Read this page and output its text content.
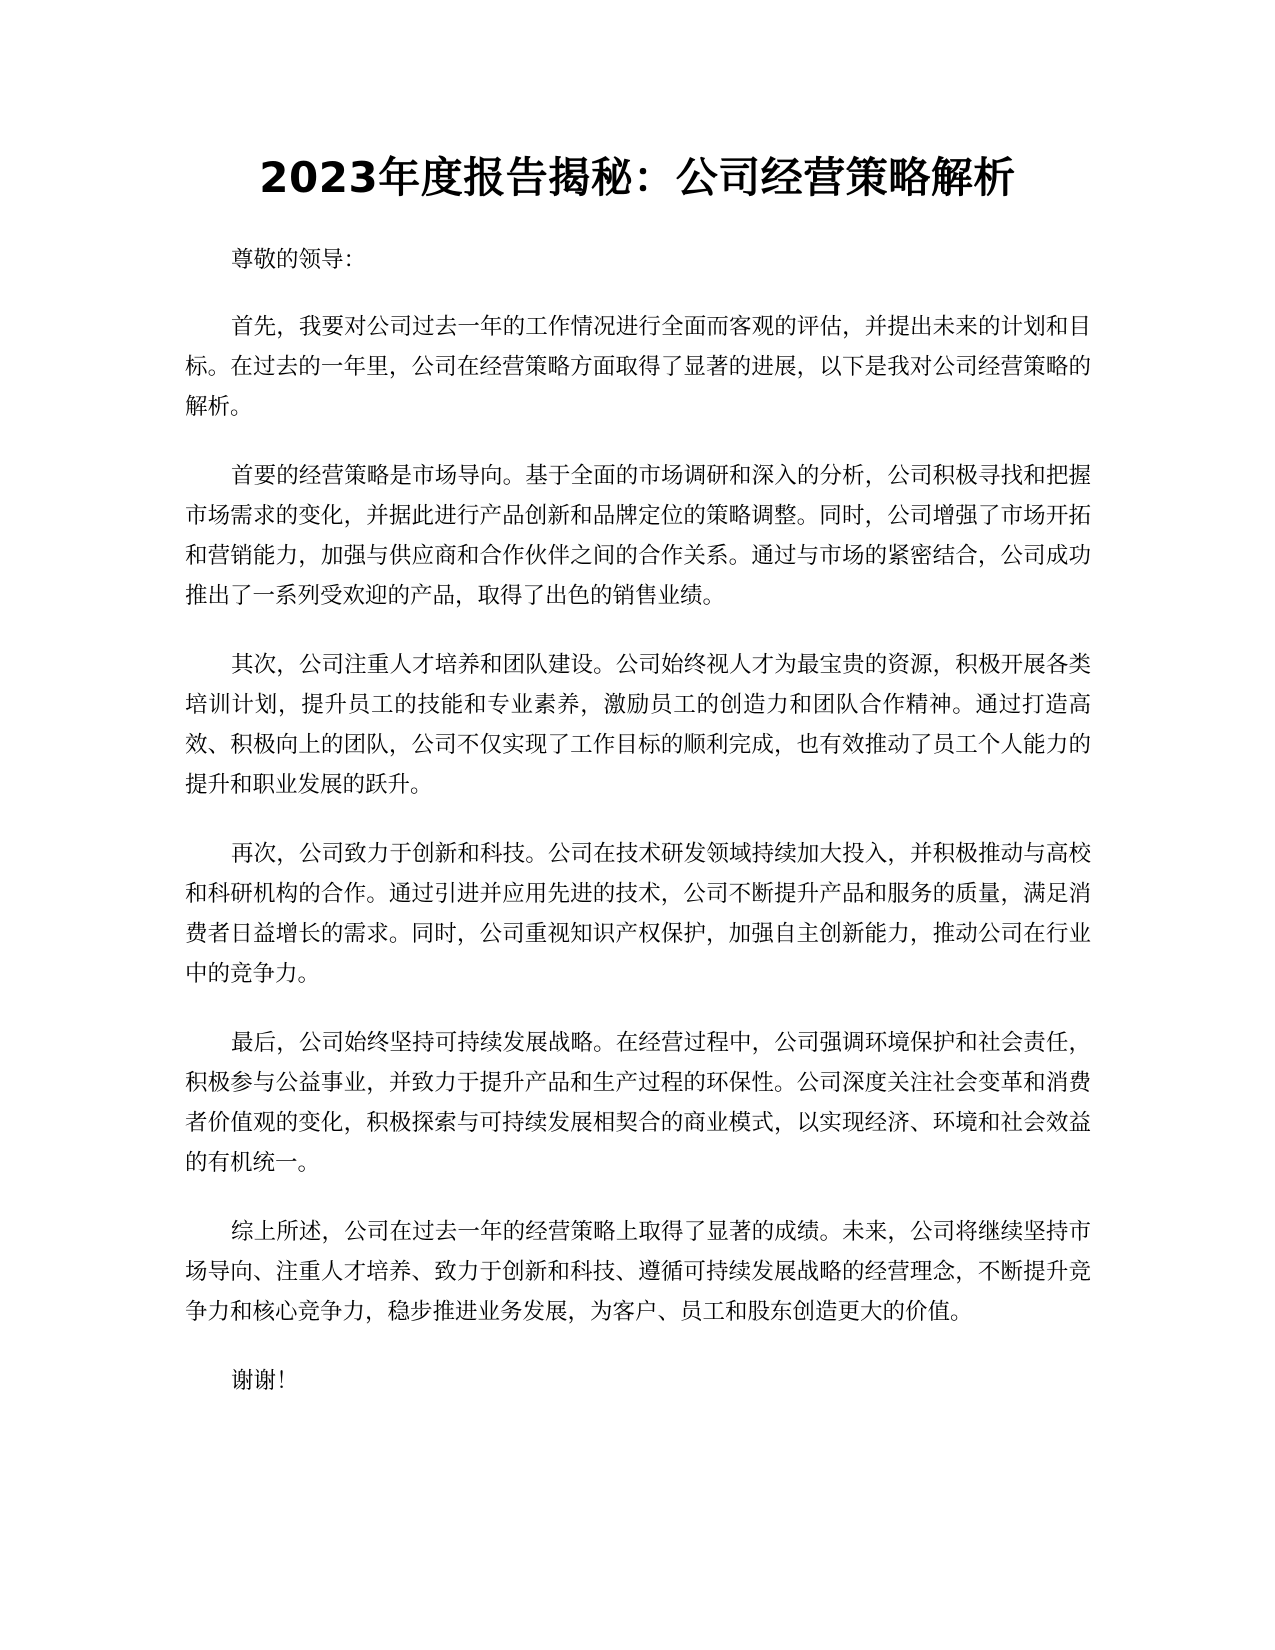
2023年度报告揭秘：公司经营策略解析

尊敬的领导：

首先，我要对公司过去一年的工作情况进行全面而客观的评估，并提出未来的计划和目标。在过去的一年里，公司在经营策略方面取得了显著的进展，以下是我对公司经营策略的解析。

首要的经营策略是市场导向。基于全面的市场调研和深入的分析，公司积极寻找和把握市场需求的变化，并据此进行产品创新和品牌定位的策略调整。同时，公司增强了市场开拓和营销能力，加强与供应商和合作伙伴之间的合作关系。通过与市场的紧密结合，公司成功推出了一系列受欢迎的产品，取得了出色的销售业绩。

其次，公司注重人才培养和团队建设。公司始终视人才为最宝贵的资源，积极开展各类培训计划，提升员工的技能和专业素养，激励员工的创造力和团队合作精神。通过打造高效、积极向上的团队，公司不仅实现了工作目标的顺利完成，也有效推动了员工个人能力的提升和职业发展的跃升。

再次，公司致力于创新和科技。公司在技术研发领域持续加大投入，并积极推动与高校和科研机构的合作。通过引进并应用先进的技术，公司不断提升产品和服务的质量，满足消费者日益增长的需求。同时，公司重视知识产权保护，加强自主创新能力，推动公司在行业中的竞争力。

最后，公司始终坚持可持续发展战略。在经营过程中，公司强调环境保护和社会责任，积极参与公益事业，并致力于提升产品和生产过程的环保性。公司深度关注社会变革和消费者价值观的变化，积极探索与可持续发展相契合的商业模式，以实现经济、环境和社会效益的有机统一。

综上所述，公司在过去一年的经营策略上取得了显著的成绩。未来，公司将继续坚持市场导向、注重人才培养、致力于创新和科技、遵循可持续发展战略的经营理念，不断提升竞争力和核心竞争力，稳步推进业务发展，为客户、员工和股东创造更大的价值。

谢谢！
